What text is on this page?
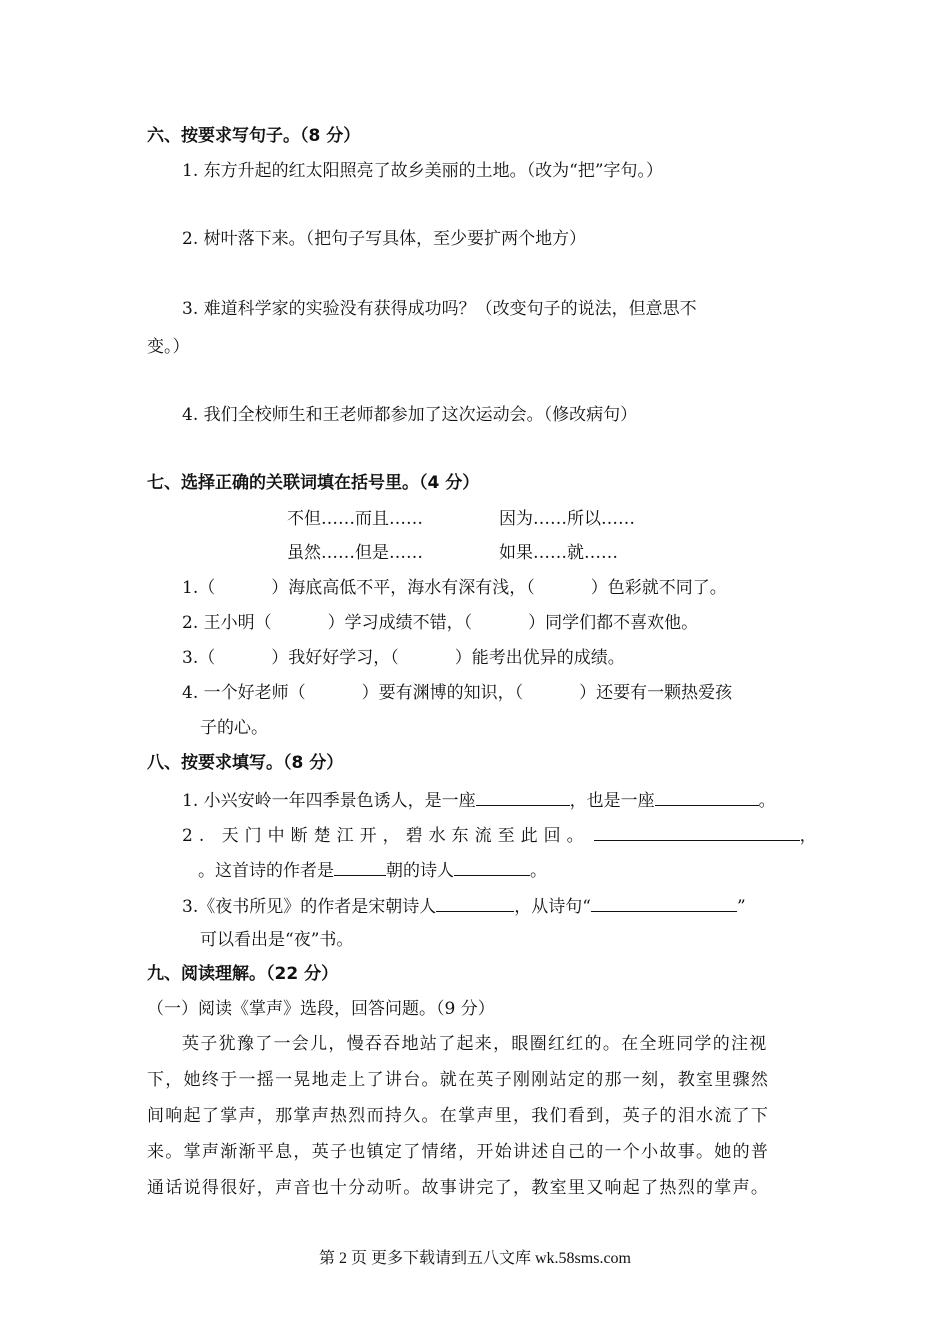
六、按要求写句子。（8 分）
1. 东方升起的红太阳照亮了故乡美丽的土地。（改为“把”字句。）
2. 树叶落下来。（把句子写具体，至少要扩两个地方）
3. 难道科学家的实验没有获得成功吗？（改变句子的说法，但意思不
变。）
4. 我们全校师生和王老师都参加了这次运动会。（修改病句）
七、选择正确的关联词填在括号里。（4 分）
不但……而且……	因为……所以……
虽然……但是……	如果……就……
1.（	）海底高低不平，海水有深有浅，（	）色彩就不同了。
2. 王小明（	）学习成绩不错，（	）同学们都不喜欢他。
3.（	）我好好学习，（	）能考出优异的成绩。
4. 一个好老师（	）要有渊博的知识，（	）还要有一颗热爱孩
子的心。
八、按要求填写。（8 分）
1. 小兴安岭一年四季景色诱人，是一座	，也是一座	。
2. 天门中断楚江开，碧水东流至此回。	，
。这首诗的作者是	朝的诗人	。
3.《夜书所见》的作者是宋朝诗人	，从诗句“	”
可以看出是“夜”书。
九、阅读理解。（22 分）
（一）阅读《掌声》选段，回答问题。（9 分）
英子犹豫了一会儿，慢吞吞地站了起来，眼圈红红的。在全班同学的注视
下，她终于一摇一晃地走上了讲台。就在英子刚刚站定的那一刻，教室里骤然
间响起了掌声，那掌声热烈而持久。在掌声里，我们看到，英子的泪水流了下
来。掌声渐渐平息，英子也镇定了情绪，开始讲述自己的一个小故事。她的普
通话说得很好，声音也十分动听。故事讲完了，教室里又响起了热烈的掌声。
第 2 页 更多下载请到五八文库 wk.58sms.com
